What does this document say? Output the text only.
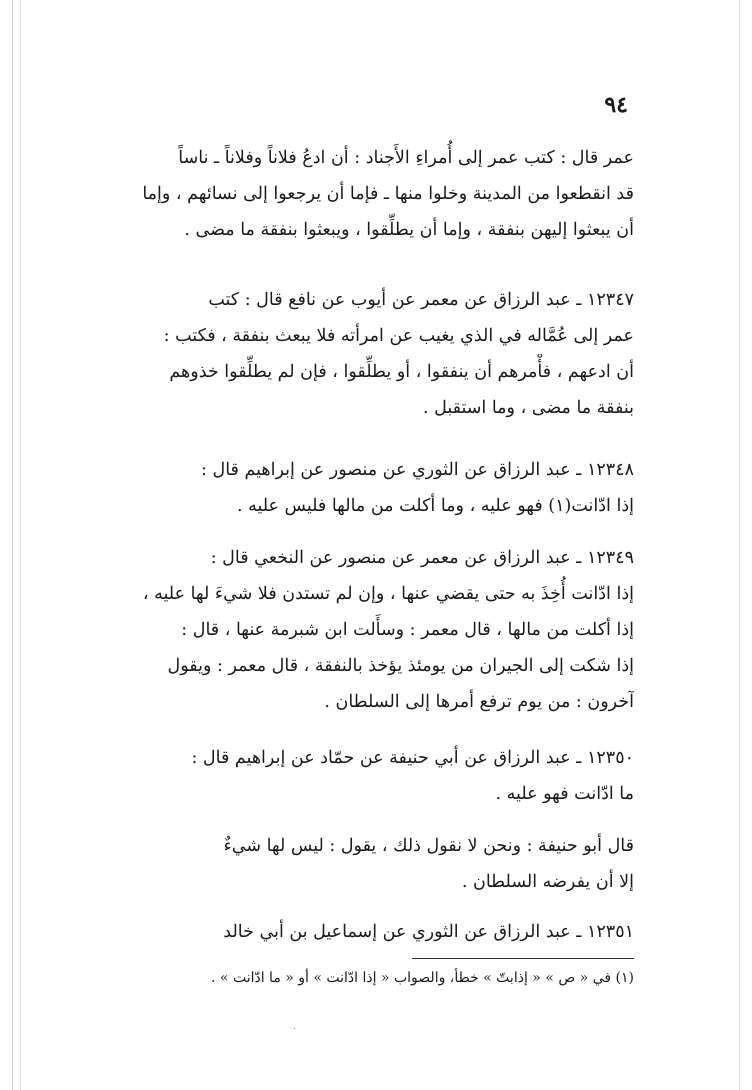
٩٤
عمر قال : كتب عمر إلى أُمراءِ الأَجناد : أن ادعُ فلاناً وفلاناً ـ ناساً
قد انقطعوا من المدينة وخلوا منها ـ فإما أن يرجعوا إلى نسائهم ، وإما
أن يبعثوا إليهن بنفقة ، وإما أن يطلِّقوا ، ويبعثوا بنفقة ما مضى .
١٢٣٤٧ ـ عبد الرزاق عن معمر عن أيوب عن نافع قال : كتب
عمر إلى عُمَّاله في الذي يغيب عن امرأته فلا يبعث بنفقة ، فكتب :
أن ادعهم ، فأْمرهم أن ينفقوا ، أو يطلِّقوا ، فإن لم يطلِّقوا خذوهم
بنفقة ما مضى ، وما استقبل .
١٢٣٤٨ ـ عبد الرزاق عن الثوري عن منصور عن إبراهيم قال :
إذا ادّانت(١) فهو عليه ، وما أكلت من مالها فليس عليه .
١٢٣٤٩ ـ عبد الرزاق عن معمر عن منصور عن النخعي قال :
إذا ادّانت أُخِذَ به حتى يقضي عنها ، وإن لم تستدن فلا شيءَ لها عليه ،
إذا أكلت من مالها ، قال معمر : وسأَلت ابن شبرمة عنها ، قال :
إذا شكت إلى الجيران من يومئذ يؤخذ بالنفقة ، قال معمر : ويقول
آخرون : من يوم ترفع أمرها إلى السلطان .
١٢٣٥٠ ـ عبد الرزاق عن أبي حنيفة عن حمّاد عن إبراهيم قال :
ما ادّانت فهو عليه .
قال أبو حنيفة : ونحن لا نقول ذلك ، يقول : ليس لها شيءٌ
إلا أن يفرضه السلطان .
١٢٣٥١ ـ عبد الرزاق عن الثوري عن إسماعيل بن أبي خالد
(١) في « ص » « إذابتّ » خطأ، والصواب « إذا ادّانت » أو « ما ادّانت » .
٠
